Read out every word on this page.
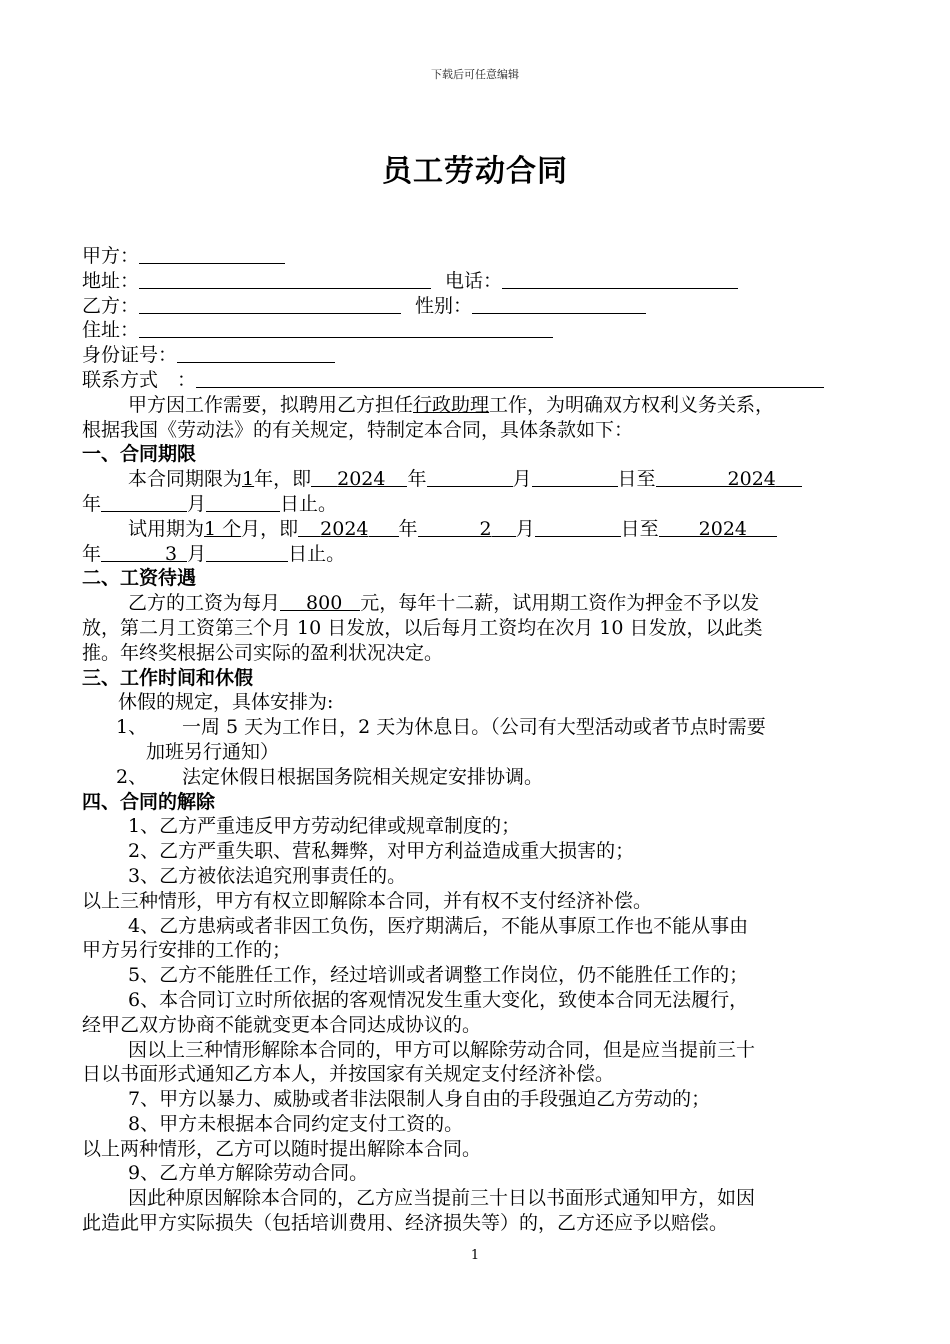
下载后可任意编辑
员工劳动合同
甲方：
地址：	电话：
乙方：	性别：
住址：
身份证号：
联系方式　：
甲方因工作需要，拟聘用乙方担任行政助理工作，为明确双方权利义务关系，
根据我国《劳动法》的有关规定，特制定本合同，具体条款如下：
一、合同期限
本合同期限为1年，即 2024 年	月	日至	2024
年	月	日止。
试用期为1 个月，即 2024 年	2 月	日至 2024
年	3 月	日止。
二、工资待遇
乙方的工资为每月 800 元，每年十二薪，试用期工资作为押金不予以发
放，第二月工资第三个月 10 日发放，以后每月工资均在次月 10 日发放，以此类
推。年终奖根据公司实际的盈利状况决定。
三、工作时间和休假
休假的规定，具体安排为:
1、 一周 5 天为工作日，2 天为休息日。（公司有大型活动或者节点时需要
加班另行通知）
2、 法定休假日根据国务院相关规定安排协调。
四、合同的解除
1、乙方严重违反甲方劳动纪律或规章制度的；
2、乙方严重失职、营私舞弊，对甲方利益造成重大损害的；
3、乙方被依法追究刑事责任的。
以上三种情形，甲方有权立即解除本合同，并有权不支付经济补偿。
4、乙方患病或者非因工负伤，医疗期满后，不能从事原工作也不能从事由
甲方另行安排的工作的；
5、乙方不能胜任工作，经过培训或者调整工作岗位，仍不能胜任工作的；
6、本合同订立时所依据的客观情况发生重大变化，致使本合同无法履行，
经甲乙双方协商不能就变更本合同达成协议的。
因以上三种情形解除本合同的，甲方可以解除劳动合同，但是应当提前三十
日以书面形式通知乙方本人，并按国家有关规定支付经济补偿。
7、甲方以暴力、威胁或者非法限制人身自由的手段强迫乙方劳动的；
8、甲方未根据本合同约定支付工资的。
以上两种情形，乙方可以随时提出解除本合同。
9、乙方单方解除劳动合同。
因此种原因解除本合同的，乙方应当提前三十日以书面形式通知甲方，如因
此造此甲方实际损失（包括培训费用、经济损失等）的，乙方还应予以赔偿。
1
